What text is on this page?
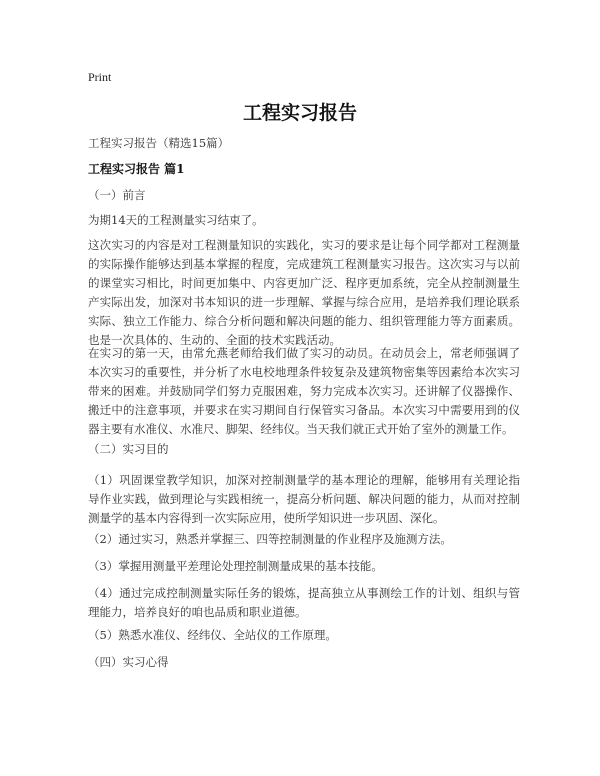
Print
工程实习报告

工程实习报告（精选15篇）

工程实习报告 篇1

（一）前言

为期14天的工程测量实习结束了。

这次实习的内容是对工程测量知识的实践化，实习的要求是让每个同学都对工程测量的实际操作能够达到基本掌握的程度，完成建筑工程测量实习报告。这次实习与以前的课堂实习相比，时间更加集中、内容更加广泛、程序更加系统，完全从控制测量生产实际出发，加深对书本知识的进一步理解、掌握与综合应用，是培养我们理论联系实际、独立工作能力、综合分析问题和解决问题的能力、组织管理能力等方面素质。也是一次具体的、生动的、全面的技术实践活动。

在实习的第一天，由常允燕老师给我们做了实习的动员。在动员会上，常老师强调了本次实习的重要性，并分析了水电校地理条件较复杂及建筑物密集等因素给本次实习带来的困难。并鼓励同学们努力克服困难，努力完成本次实习。还讲解了仪器操作、搬迁中的注意事项，并要求在实习期间自行保管实习备品。本次实习中需要用到的仪器主要有水准仪、水准尺、脚架、经纬仪。当天我们就正式开始了室外的测量工作。

（二）实习目的

（1）巩固课堂教学知识，加深对控制测量学的基本理论的理解，能够用有关理论指导作业实践，做到理论与实践相统一，提高分析问题、解决问题的能力，从而对控制测量学的基本内容得到一次实际应用，使所学知识进一步巩固、深化。

（2）通过实习，熟悉并掌握三、四等控制测量的作业程序及施测方法。

（3）掌握用测量平差理论处理控制测量成果的基本技能。

（4）通过完成控制测量实际任务的锻炼，提高独立从事测绘工作的计划、组织与管理能力，培养良好的咱也品质和职业道德。

（5）熟悉水准仪、经纬仪、全站仪的工作原理。

（四）实习心得
